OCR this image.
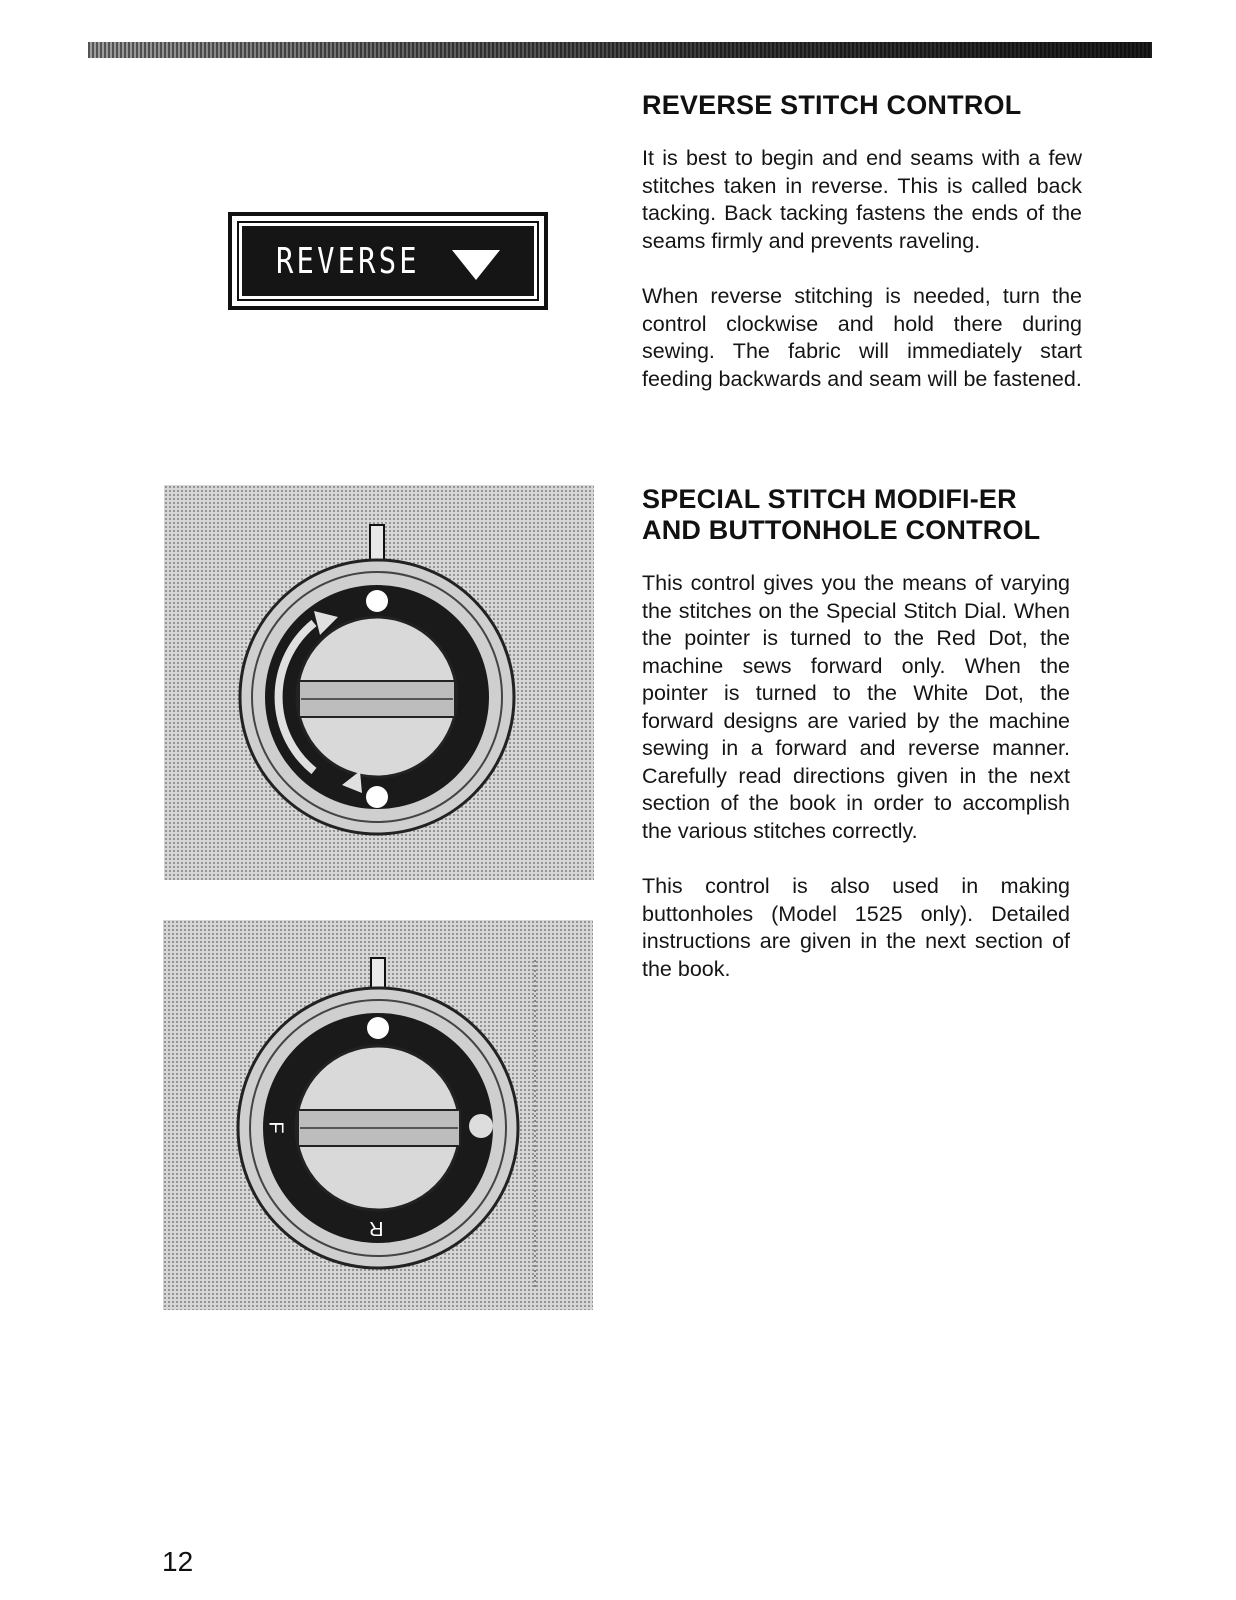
REVERSE
F
R
REVERSE STITCH CONTROL

It is best to begin and end seams with a few stitches taken in reverse. This is called back tacking. Back tacking fastens the ends of the seams firmly and prevents raveling.

When reverse stitching is needed, turn the control clockwise and hold there during sewing. The fabric will immediately start feeding backwards and seam will be fastened.

SPECIAL STITCH MODIFI-ER AND BUTTONHOLE CONTROL

This control gives you the means of varying the stitches on the Special Stitch Dial. When the pointer is turned to the Red Dot, the machine sews forward only. When the pointer is turned to the White Dot, the forward designs are varied by the machine sewing in a forward and reverse manner. Carefully read directions given in the next section of the book in order to accomplish the various stitches correctly.

This control is also used in making buttonholes (Model 1525 only). Detailed instructions are given in the next section of the book.

12
